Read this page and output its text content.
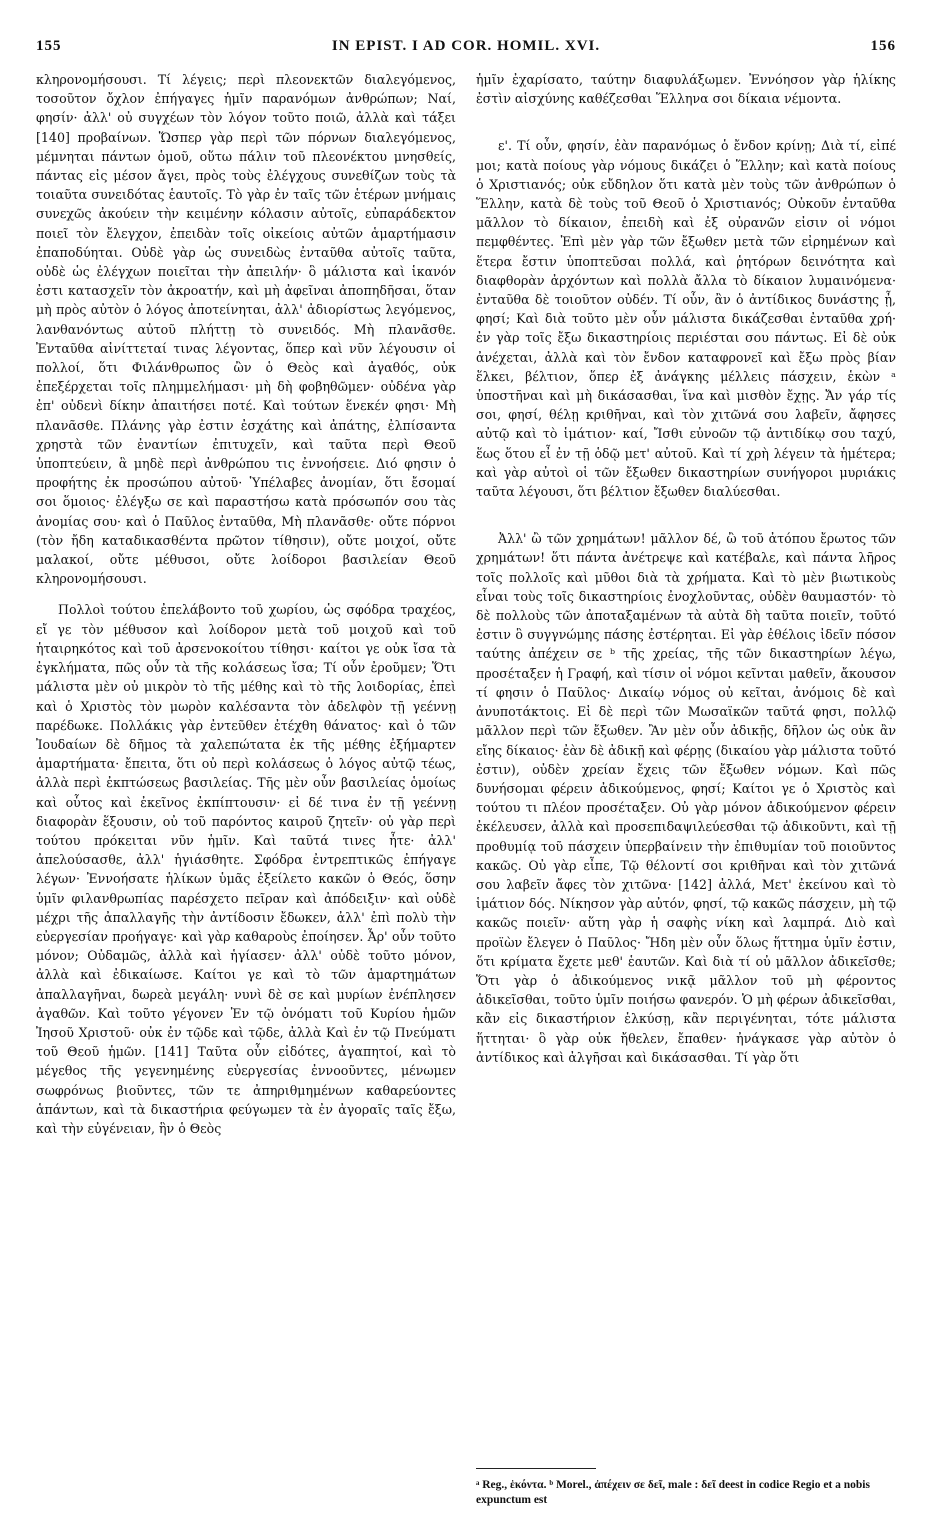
155	IN EPIST. I AD COR. HOMIL. XVI.	156

κληρονομήσουσι. Τί λέγεις; περὶ πλεονεκτῶν διαλεγόμενος, τοσοῦτον ὄχλον ἐπήγαγες ἡμῖν παρανόμων ἀνθρώπων; Ναί, φησίν· ἀλλ' οὐ συγχέων τὸν λόγον τοῦτο ποιῶ, ἀλλὰ καὶ τάξει [140] προβαίνων. Ὥσπερ γὰρ περὶ τῶν πόρνων διαλεγόμενος, μέμνηται πάντων ὁμοῦ, οὕτω πάλιν τοῦ πλεονέκτου μνησθείς, πάντας εἰς μέσον ἄγει, πρὸς τοὺς ἐλέγχους συνεθίζων τοὺς τὰ τοιαῦτα συνειδότας ἑαυτοῖς. Τὸ γὰρ ἐν ταῖς τῶν ἑτέρων μνήμαις συνεχῶς ἀκούειν τὴν κειμένην κόλασιν αὐτοῖς, εὐπαράδεκτον ποιεῖ τὸν ἔλεγχον, ἐπειδὰν τοῖς οἰκείοις αὐτῶν ἁμαρτήμασιν ἐπαποδύηται. Οὐδὲ γὰρ ὡς συνειδὼς ἐνταῦθα αὐτοῖς ταῦτα, οὐδὲ ὡς ἐλέγχων ποιεῖται τὴν ἀπειλήν· ὃ μάλιστα καὶ ἱκανόν ἐστι κατασχεῖν τὸν ἀκροατήν, καὶ μὴ ἀφεῖναι ἀποπηδῆσαι, ὅταν μὴ πρὸς αὐτὸν ὁ λόγος ἀποτείνηται, ἀλλ' ἀδιορίστως λεγόμενος, λανθανόντως αὐτοῦ πλήττῃ τὸ συνειδός. Μὴ πλανᾶσθε. Ἐνταῦθα αἰνίττεταί τινας λέγοντας, ὅπερ καὶ νῦν λέγουσιν οἱ πολλοί, ὅτι Φιλάνθρωπος ὢν ὁ Θεὸς καὶ ἀγαθός, οὐκ ἐπεξέρχεται τοῖς πλημμελήμασι· μὴ δὴ φοβηθῶμεν· οὐδένα γὰρ ἐπ' οὐδενὶ δίκην ἀπαιτήσει ποτέ. Καὶ τούτων ἕνεκέν φησι· Μὴ πλανᾶσθε. Πλάνης γὰρ ἐστιν ἐσχάτης καὶ ἀπάτης, ἐλπίσαντα χρηστὰ τῶν ἐναντίων ἐπιτυχεῖν, καὶ ταῦτα περὶ Θεοῦ ὑποπτεύειν, ἃ μηδὲ περὶ ἀνθρώπου τις ἐννοήσειε. Διό φησιν ὁ προφήτης ἐκ προσώπου αὐτοῦ· Ὑπέλαβες ἀνομίαν, ὅτι ἔσομαί σοι ὅμοιος· ἐλέγξω σε καὶ παραστήσω κατὰ πρόσωπόν σου τὰς ἀνομίας σου· καὶ ὁ Παῦλος ἐνταῦθα, Μὴ πλανᾶσθε· οὔτε πόρνοι (τὸν ἤδη καταδικασθέντα πρῶτον τίθησιν), οὔτε μοιχοί, οὔτε μαλακοί, οὔτε μέθυσοι, οὔτε λοίδοροι βασιλείαν Θεοῦ κληρονομήσουσι.

Πολλοὶ τούτου ἐπελάβοντο τοῦ χωρίου, ὡς σφόδρα τραχέος, εἴ γε τὸν μέθυσον καὶ λοίδορον μετὰ τοῦ μοιχοῦ καὶ τοῦ ἡταιρηκότος καὶ τοῦ ἀρσενοκοίτου τίθησι· καίτοι γε οὐκ ἴσα τὰ ἐγκλήματα, πῶς οὖν τὰ τῆς κολάσεως ἴσα; Τί οὖν ἐροῦμεν; Ὅτι μάλιστα μὲν οὐ μικρὸν τὸ τῆς μέθης καὶ τὸ τῆς λοιδορίας, ἐπεὶ καὶ ὁ Χριστὸς τὸν μωρὸν καλέσαντα τὸν ἀδελφὸν τῇ γεέννῃ παρέδωκε. Πολλάκις γὰρ ἐντεῦθεν ἐτέχθη θάνατος· καὶ ὁ τῶν Ἰουδαίων δὲ δῆμος τὰ χαλεπώτατα ἐκ τῆς μέθης ἐξήμαρτεν ἁμαρτήματα· ἔπειτα, ὅτι οὐ περὶ κολάσεως ὁ λόγος αὐτῷ τέως, ἀλλὰ περὶ ἐκπτώσεως βασιλείας. Τῆς μὲν οὖν βασιλείας ὁμοίως καὶ οὗτος καὶ ἐκεῖνος ἐκπίπτουσιν· εἰ δέ τινα ἐν τῇ γεέννῃ διαφορὰν ἕξουσιν, οὐ τοῦ παρόντος καιροῦ ζητεῖν· οὐ γὰρ περὶ τούτου πρόκειται νῦν ἡμῖν. Καὶ ταῦτά τινες ἦτε· ἀλλ' ἀπελούσασθε, ἀλλ' ἡγιάσθητε. Σφόδρα ἐντρεπτικῶς ἐπήγαγε λέγων· Ἐννοήσατε ἡλίκων ὑμᾶς ἐξείλετο κακῶν ὁ Θεός, ὅσην ὑμῖν φιλανθρωπίας παρέσχετο πεῖραν καὶ ἀπόδειξιν· καὶ οὐδὲ μέχρι τῆς ἀπαλλαγῆς τὴν ἀντίδοσιν ἔδωκεν, ἀλλ' ἐπὶ πολὺ τὴν εὐεργεσίαν προήγαγε· καὶ γὰρ καθαροὺς ἐποίησεν. Ἆρ' οὖν τοῦτο μόνον; Οὐδαμῶς, ἀλλὰ καὶ ἡγίασεν· ἀλλ' οὐδὲ τοῦτο μόνον, ἀλλὰ καὶ ἐδικαίωσε. Καίτοι γε καὶ τὸ τῶν ἁμαρτημάτων ἀπαλλαγῆναι, δωρεὰ μεγάλη· νυνὶ δὲ σε καὶ μυρίων ἐνέπλησεν ἀγαθῶν. Καὶ τοῦτο γέγονεν Ἐν τῷ ὀνόματι τοῦ Κυρίου ἡμῶν Ἰησοῦ Χριστοῦ· οὐκ ἐν τῷδε καὶ τῷδε, ἀλλὰ Καὶ ἐν τῷ Πνεύματι τοῦ Θεοῦ ἡμῶν. [141] Ταῦτα οὖν εἰδότες, ἀγαπητοί, καὶ τὸ μέγεθος τῆς γεγενημένης εὐεργεσίας ἐννοοῦντες, μένωμεν σωφρόνως βιοῦντες, τῶν τε ἀπηριθμημένων καθαρεύοντες ἁπάντων, καὶ τὰ δικαστήρια φεύγωμεν τὰ ἐν ἀγοραῖς ταῖς ἔξω, καὶ τὴν εὐγένειαν, ἣν ὁ Θεὸς

ἡμῖν ἐχαρίσατο, ταύτην διαφυλάξωμεν. Ἐννόησον γὰρ ἡλίκης ἐστὶν αἰσχύνης καθέζεσθαι Ἕλληνα σοι δίκαια νέμοντα.

ε'. Τί οὖν, φησίν, ἐὰν παρανόμως ὁ ἔνδον κρίνῃ; Διὰ τί, εἰπέ μοι; κατὰ ποίους γὰρ νόμους δικάζει ὁ Ἕλλην; καὶ κατὰ ποίους ὁ Χριστιανός; οὐκ εὔδηλον ὅτι κατὰ μὲν τοὺς τῶν ἀνθρώπων ὁ Ἕλλην, κατὰ δὲ τοὺς τοῦ Θεοῦ ὁ Χριστιανός; Οὐκοῦν ἐνταῦθα μᾶλλον τὸ δίκαιον, ἐπειδὴ καὶ ἐξ οὐρανῶν εἰσιν οἱ νόμοι πεμφθέντες. Ἐπὶ μὲν γὰρ τῶν ἔξωθεν μετὰ τῶν εἰρημένων καὶ ἕτερα ἔστιν ὑποπτεῦσαι πολλά, καὶ ῥητόρων δεινότητα καὶ διαφθορὰν ἀρχόντων καὶ πολλὰ ἄλλα τὸ δίκαιον λυμαινόμενα· ἐνταῦθα δὲ τοιοῦτον οὐδέν. Τί οὖν, ἂν ὁ ἀντίδικος δυνάστης ᾖ, φησί; Καὶ διὰ τοῦτο μὲν οὖν μάλιστα δικάζεσθαι ἐνταῦθα χρή· ἐν γὰρ τοῖς ἔξω δικαστηρίοις περιέσται σου πάντως. Εἰ δὲ οὐκ ἀνέχεται, ἀλλὰ καὶ τὸν ἔνδον καταφρονεῖ καὶ ἔξω πρὸς βίαν ἕλκει, βέλτιον, ὅπερ ἐξ ἀνάγκης μέλλεις πάσχειν, ἑκὼν ᵃ ὑποστῆναι καὶ μὴ δικάσασθαι, ἵνα καὶ μισθὸν ἔχῃς. Ἄν γάρ τίς σοι, φησί, θέλῃ κριθῆναι, καὶ τὸν χιτῶνά σου λαβεῖν, ἄφησες αὐτῷ καὶ τὸ ἱμάτιον· καί, Ἴσθι εὐνοῶν τῷ ἀντιδίκῳ σου ταχύ, ἕως ὅτου εἶ ἐν τῇ ὁδῷ μετ' αὐτοῦ. Καὶ τί χρὴ λέγειν τὰ ἡμέτερα; καὶ γὰρ αὐτοὶ οἱ τῶν ἔξωθεν δικαστηρίων συνήγοροι μυριάκις ταῦτα λέγουσι, ὅτι βέλτιον ἔξωθεν διαλύεσθαι.

Ἀλλ' ὢ τῶν χρημάτων! μᾶλλον δέ, ὢ τοῦ ἀτόπου ἔρωτος τῶν χρημάτων! ὅτι πάντα ἀνέτρεψε καὶ κατέβαλε, καὶ πάντα λῆρος τοῖς πολλοῖς καὶ μῦθοι διὰ τὰ χρήματα. Καὶ τὸ μὲν βιωτικοὺς εἶναι τοὺς τοῖς δικαστηρίοις ἐνοχλοῦντας, οὐδὲν θαυμαστόν· τὸ δὲ πολλοὺς τῶν ἀποταξαμένων τὰ αὐτὰ δὴ ταῦτα ποιεῖν, τοῦτό ἐστιν ὃ συγγνώμης πάσης ἐστέρηται. Εἰ γὰρ ἐθέλοις ἰδεῖν πόσον ταύτης ἀπέχειν σε ᵇ τῆς χρείας, τῆς τῶν δικαστηρίων λέγω, προσέταξεν ἡ Γραφή, καὶ τίσιν οἱ νόμοι κεῖνται μαθεῖν, ἄκουσον τί φησιν ὁ Παῦλος· Δικαίῳ νόμος οὐ κεῖται, ἀνόμοις δὲ καὶ ἀνυποτάκτοις. Εἰ δὲ περὶ τῶν Μωσαϊκῶν ταῦτά φησι, πολλῷ μᾶλλον περὶ τῶν ἔξωθεν. Ἂν μὲν οὖν ἀδικῇς, δῆλον ὡς οὐκ ἂν εἴης δίκαιος· ἐὰν δὲ ἀδικῇ καὶ φέρῃς (δικαίου γὰρ μάλιστα τοῦτό ἐστιν), οὐδὲν χρείαν ἔχεις τῶν ἔξωθεν νόμων. Καὶ πῶς δυνήσομαι φέρειν ἀδικούμενος, φησί; Καίτοι γε ὁ Χριστὸς καὶ τούτου τι πλέον προσέταξεν. Οὐ γὰρ μόνον ἀδικούμενον φέρειν ἐκέλευσεν, ἀλλὰ καὶ προσεπιδαψιλεύεσθαι τῷ ἀδικοῦντι, καὶ τῇ προθυμίᾳ τοῦ πάσχειν ὑπερβαίνειν τὴν ἐπιθυμίαν τοῦ ποιοῦντος κακῶς. Οὐ γὰρ εἶπε, Τῷ θέλοντί σοι κριθῆναι καὶ τὸν χιτῶνά σου λαβεῖν ἄφες τὸν χιτῶνα· [142] ἀλλά, Μετ' ἐκείνου καὶ τὸ ἱμάτιον δός. Νίκησον γὰρ αὐτόν, φησί, τῷ κακῶς πάσχειν, μὴ τῷ κακῶς ποιεῖν· αὕτη γὰρ ἡ σαφὴς νίκη καὶ λαμπρά. Διὸ καὶ προϊὼν ἔλεγεν ὁ Παῦλος· Ἤδη μὲν οὖν ὅλως ἥττημα ὑμῖν ἐστιν, ὅτι κρίματα ἔχετε μεθ' ἑαυτῶν. Καὶ διὰ τί οὐ μᾶλλον ἀδικεῖσθε; Ὅτι γὰρ ὁ ἀδικούμενος νικᾷ μᾶλλον τοῦ μὴ φέροντος ἀδικεῖσθαι, τοῦτο ὑμῖν ποιήσω φανερόν. Ὁ μὴ φέρων ἀδικεῖσθαι, κἂν εἰς δικαστήριον ἑλκύσῃ, κἂν περιγένηται, τότε μάλιστα ἥττηται· ὃ γὰρ οὐκ ἤθελεν, ἔπαθεν· ἠνάγκασε γὰρ αὐτὸν ὁ ἀντίδικος καὶ ἀλγῆσαι καὶ δικάσασθαι. Τί γὰρ ὅτι

ᵃ Reg., ἑκόντα. ᵇ Morel., ἀπέχειν σε δεῖ, male : δεῖ deest in codice Regio et a nobis expunctum est
